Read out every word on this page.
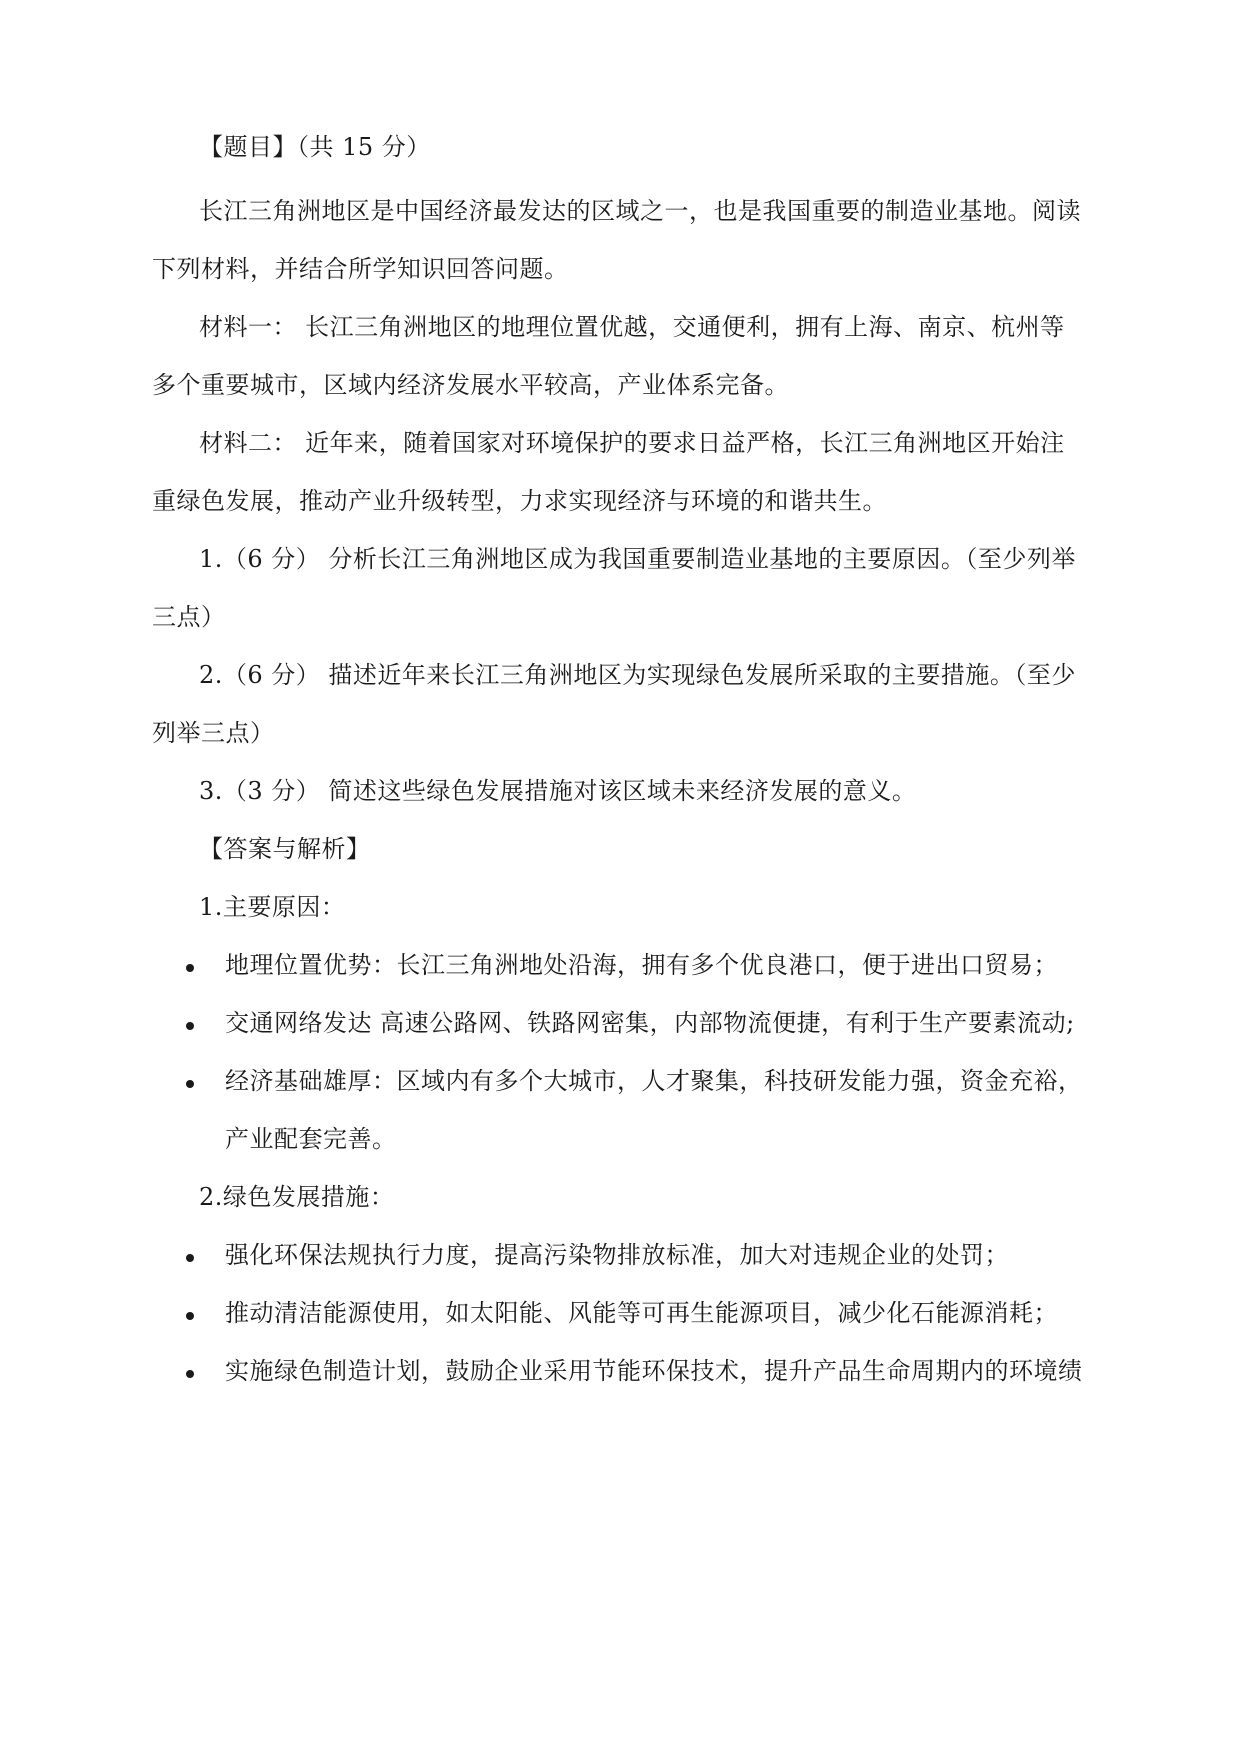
【题目】（共 15 分）
长江三角洲地区是中国经济最发达的区域之一，也是我国重要的制造业基地。阅读
下列材料，并结合所学知识回答问题。
材料一： 长江三角洲地区的地理位置优越，交通便利，拥有上海、南京、杭州等
多个重要城市，区域内经济发展水平较高，产业体系完备。
材料二： 近年来，随着国家对环境保护的要求日益严格，长江三角洲地区开始注
重绿色发展，推动产业升级转型，力求实现经济与环境的和谐共生。
1.（6 分） 分析长江三角洲地区成为我国重要制造业基地的主要原因。（至少列举
三点）
2.（6 分） 描述近年来长江三角洲地区为实现绿色发展所采取的主要措施。（至少
列举三点）
3.（3 分） 简述这些绿色发展措施对该区域未来经济发展的意义。
【答案与解析】
1.主要原因：
地理位置优势：长江三角洲地处沿海，拥有多个优良港口，便于进出口贸易；
交通网络发达 高速公路网、铁路网密集，内部物流便捷，有利于生产要素流动;
经济基础雄厚：区域内有多个大城市，人才聚集，科技研发能力强，资金充裕，
产业配套完善。
2.绿色发展措施：
强化环保法规执行力度，提高污染物排放标准，加大对违规企业的处罚；
推动清洁能源使用，如太阳能、风能等可再生能源项目，减少化石能源消耗；
实施绿色制造计划，鼓励企业采用节能环保技术，提升产品生命周期内的环境绩
